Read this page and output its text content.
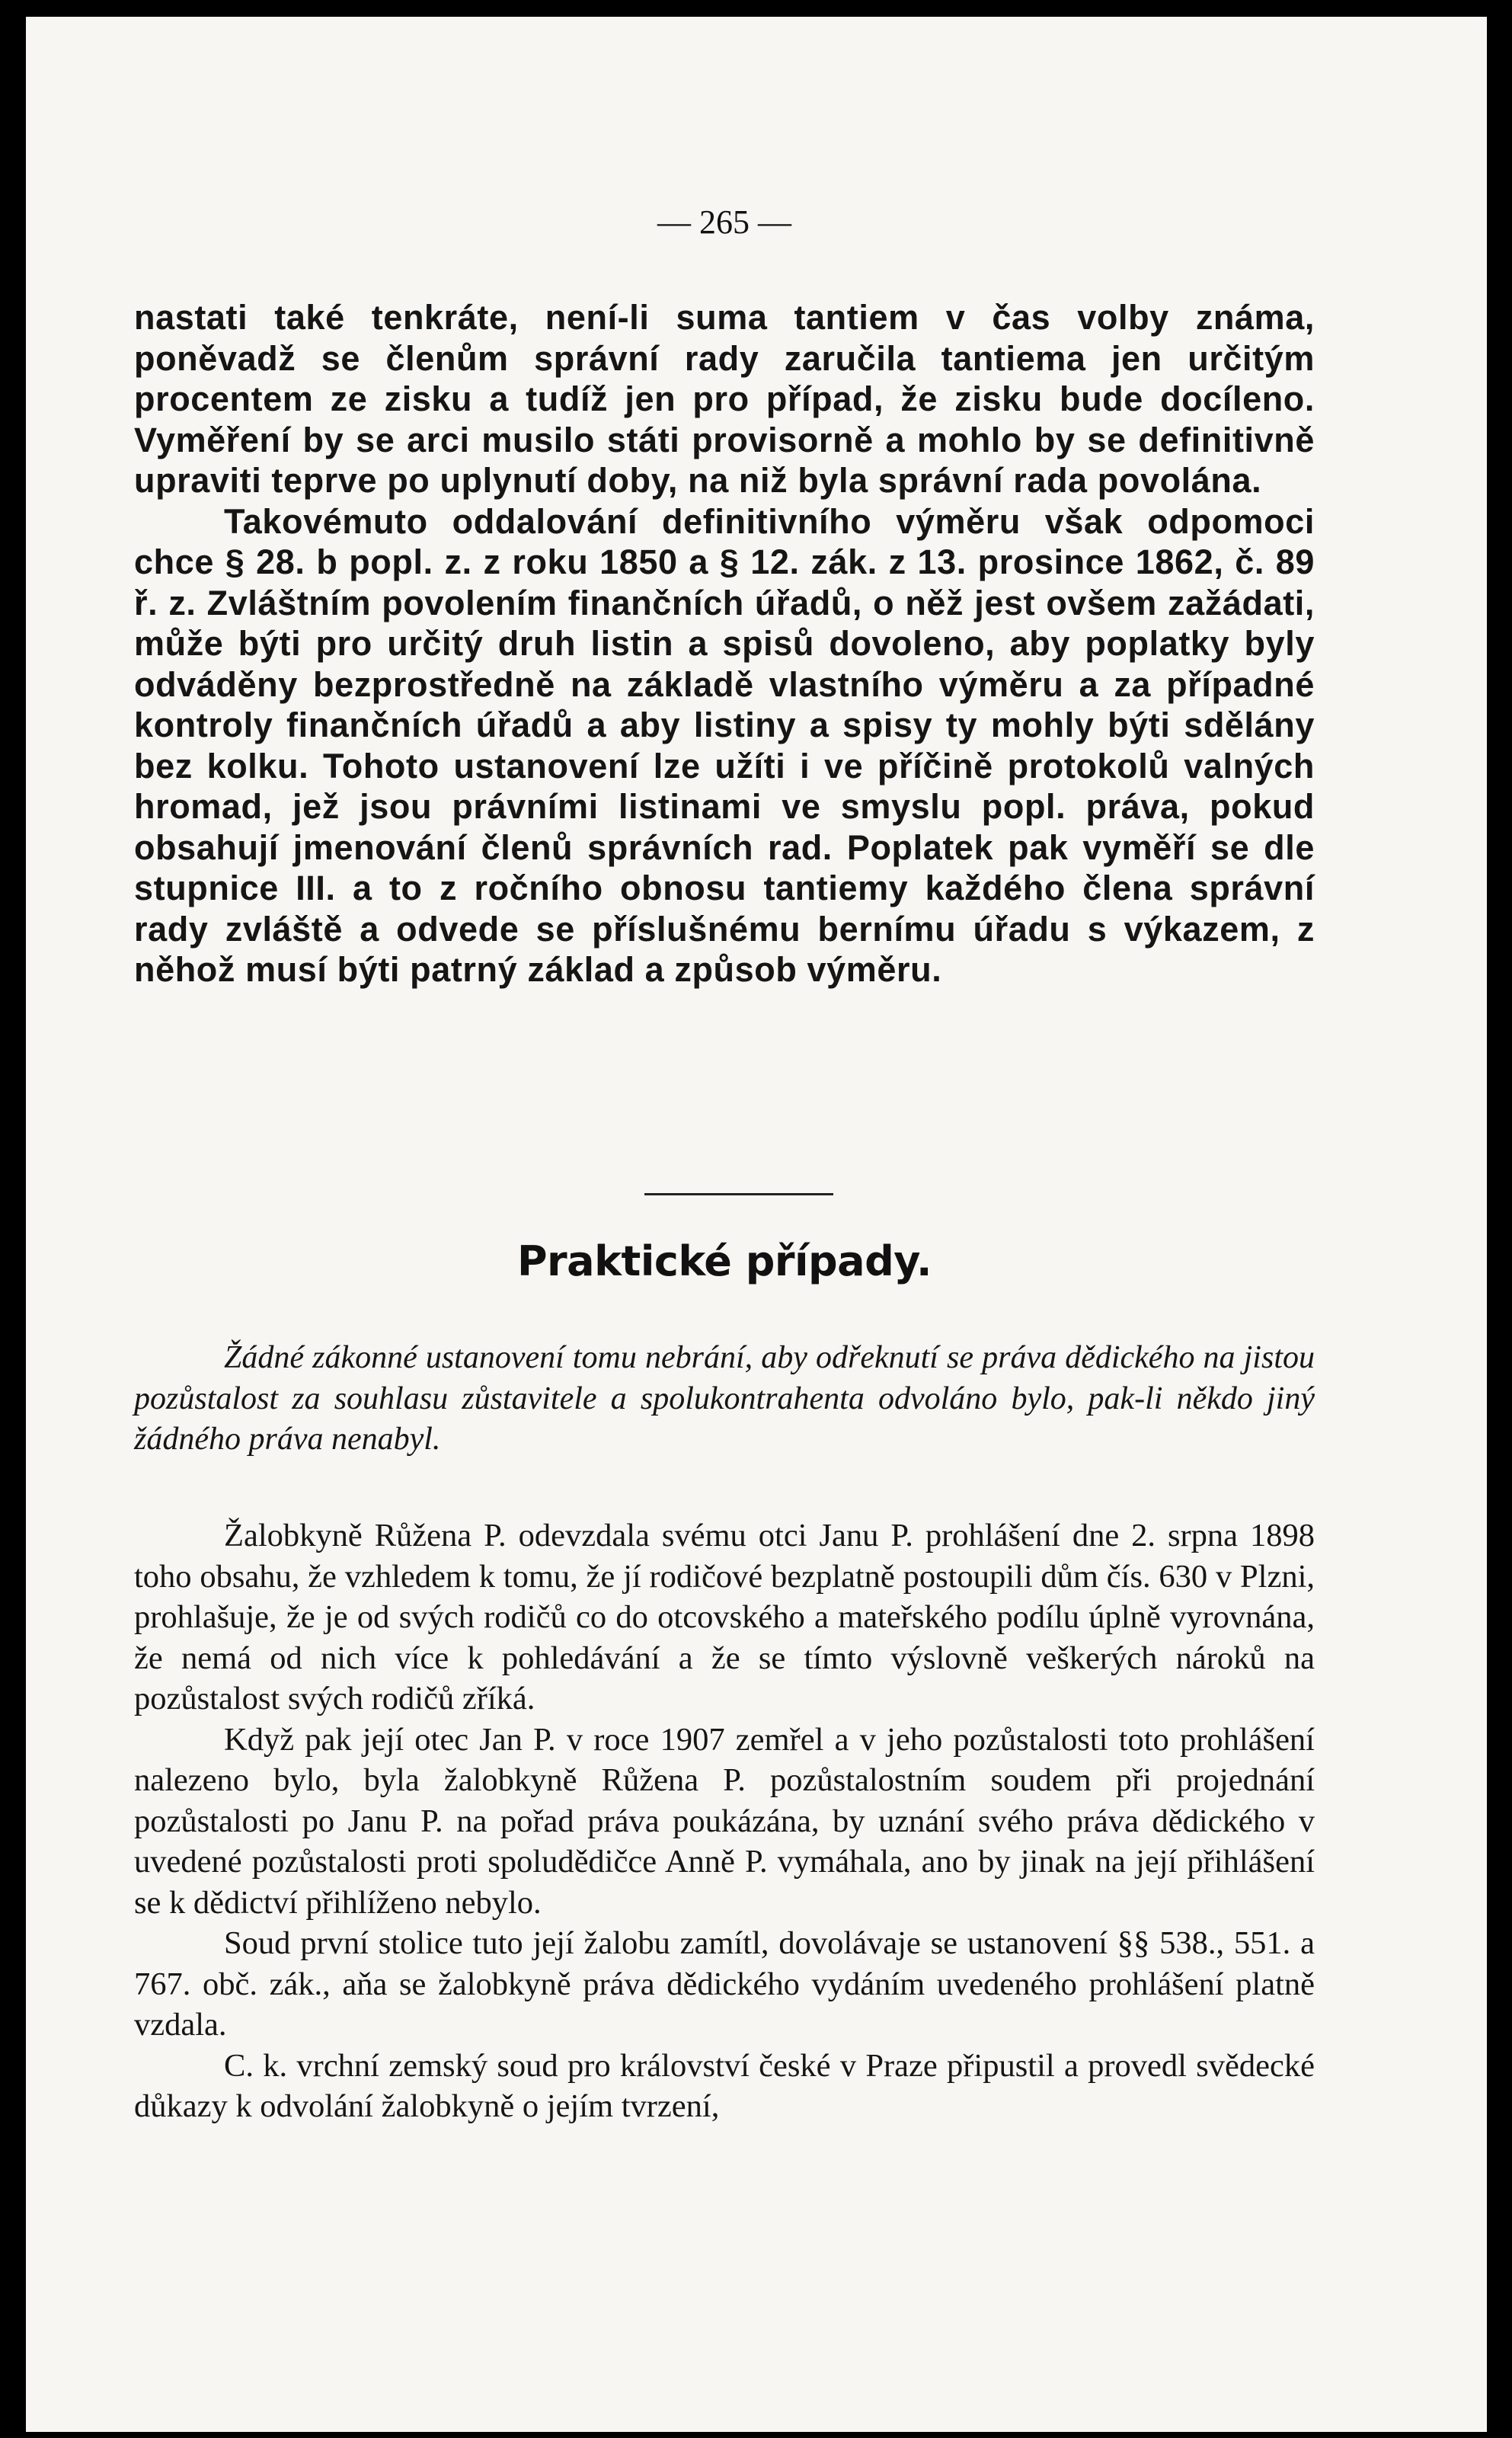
— 265 —

nastati také tenkráte, není-li suma tantiem v čas volby známa, poněvadž se členům správní rady zaručila tantiema jen určitým procentem ze zisku a tudíž jen pro případ, že zisku bude docíleno. Vyměření by se arci musilo státi provisorně a mohlo by se definitivně upraviti teprve po uplynutí doby, na niž byla správní rada povolána.

Takovémuto oddalování definitivního výměru však odpomoci chce § 28. b popl. z. z roku 1850 a § 12. zák. z 13. prosince 1862, č. 89 ř. z. Zvláštním povolením finančních úřadů, o něž jest ovšem zažádati, může býti pro určitý druh listin a spisů dovoleno, aby poplatky byly odváděny bezprostředně na základě vlastního výměru a za případné kontroly finančních úřadů a aby listiny a spisy ty mohly býti sdělány bez kolku. Tohoto ustanovení lze užíti i ve příčině protokolů valných hromad, jež jsou právními listinami ve smyslu popl. práva, pokud obsahují jmenování členů správních rad. Poplatek pak vyměří se dle stupnice III. a to z ročního obnosu tantiemy každého člena správní rady zvláště a odvede se příslušnému bernímu úřadu s výkazem, z něhož musí býti patrný základ a způsob výměru.

Praktické případy.

Žádné zákonné ustanovení tomu nebrání, aby odřeknutí se práva dědického na jistou pozůstalost za souhlasu zůstavitele a spolukontrahenta odvoláno bylo, pak-li někdo jiný žádného práva nenabyl.

Žalobkyně Růžena P. odevzdala svému otci Janu P. prohlášení dne 2. srpna 1898 toho obsahu, že vzhledem k tomu, že jí rodičové bezplatně postoupili dům čís. 630 v Plzni, prohlašuje, že je od svých rodičů co do otcovského a mateřského podílu úplně vyrovnána, že nemá od nich více k pohledávání a že se tímto výslovně veškerých nároků na pozůstalost svých rodičů zříká.

Když pak její otec Jan P. v roce 1907 zemřel a v jeho pozůstalosti toto prohlášení nalezeno bylo, byla žalobkyně Růžena P. pozůstalostním soudem při projednání pozůstalosti po Janu P. na pořad práva poukázána, by uznání svého práva dědického v uvedené pozůstalosti proti spoludědičce Anně P. vymáhala, ano by jinak na její přihlášení se k dědictví přihlíženo nebylo.

Soud první stolice tuto její žalobu zamítl, dovolávaje se ustanovení §§ 538., 551. a 767. obč. zák., aňa se žalobkyně práva dědického vydáním uvedeného prohlášení platně vzdala.

C. k. vrchní zemský soud pro království české v Praze připustil a provedl svědecké důkazy k odvolání žalobkyně o jejím tvrzení,
